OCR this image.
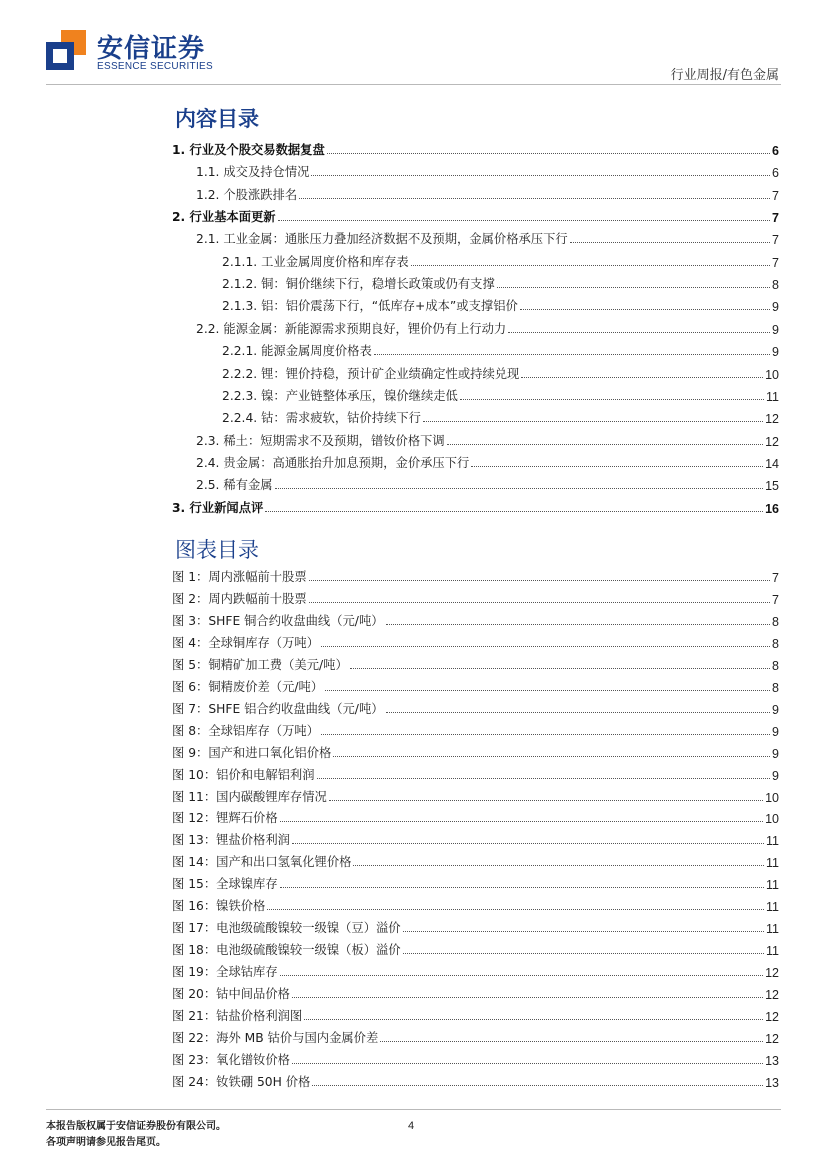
安信证券
ESSENCE SECURITIES
行业周报/有色金属
内容目录
1. 行业及个股交易数据复盘	6
1.1. 成交及持仓情况	6
1.2. 个股涨跌排名	7
2. 行业基本面更新	7
2.1. 工业金属：通胀压力叠加经济数据不及预期，金属价格承压下行	7
2.1.1. 工业金属周度价格和库存表	7
2.1.2. 铜：铜价继续下行，稳增长政策或仍有支撑	8
2.1.3. 铝：铝价震荡下行，“低库存+成本”或支撑铝价	9
2.2. 能源金属：新能源需求预期良好，锂价仍有上行动力	9
2.2.1. 能源金属周度价格表	9
2.2.2. 锂：锂价持稳，预计矿企业绩确定性或持续兑现	10
2.2.3. 镍：产业链整体承压，镍价继续走低	11
2.2.4. 钴：需求疲软，钴价持续下行	12
2.3. 稀土：短期需求不及预期，镨钕价格下调	12
2.4. 贵金属：高通胀抬升加息预期，金价承压下行	14
2.5. 稀有金属	15
3. 行业新闻点评	16
图表目录
图 1：周内涨幅前十股票	7
图 2：周内跌幅前十股票	7
图 3：SHFE 铜合约收盘曲线（元/吨）	8
图 4：全球铜库存（万吨）	8
图 5：铜精矿加工费（美元/吨）	8
图 6：铜精废价差（元/吨）	8
图 7：SHFE 铝合约收盘曲线（元/吨）	9
图 8：全球铝库存（万吨）	9
图 9：国产和进口氧化铝价格	9
图 10：铝价和电解铝利润	9
图 11：国内碳酸锂库存情况	10
图 12：锂辉石价格	10
图 13：锂盐价格利润	11
图 14：国产和出口氢氧化锂价格	11
图 15：全球镍库存	11
图 16：镍铁价格	11
图 17：电池级硫酸镍较一级镍（豆）溢价	11
图 18：电池级硫酸镍较一级镍（板）溢价	11
图 19：全球钴库存	12
图 20：钴中间品价格	12
图 21：钴盐价格利润图	12
图 22：海外 MB 钴价与国内金属价差	12
图 23：氧化镨钕价格	13
图 24：钕铁硼 50H 价格	13
本报告版权属于安信证券股份有限公司。
各项声明请参见报告尾页。
4
